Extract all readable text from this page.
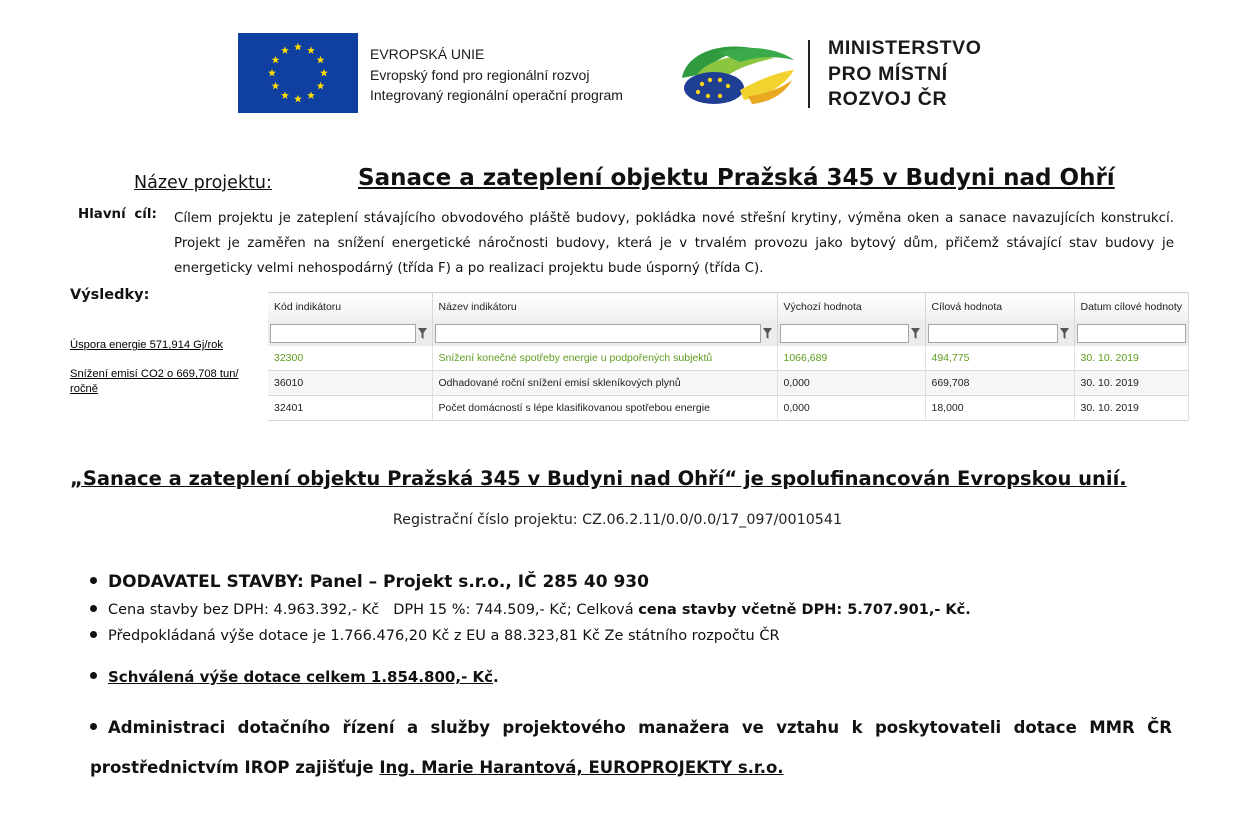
EVROPSKÁ UNIE
Evropský fond pro regionální rozvoj
Integrovaný regionální operační program
MINISTERSTVO
PRO MÍSTNÍ
ROZVOJ ČR
Název projektu:	Sanace a zateplení objektu Pražská 345 v Budyni nad Ohří
Hlavní cíl: Cílem projektu je zateplení stávajícího obvodového pláště budovy, pokládka nové střešní krytiny, výměna oken a sanace navazujících konstrukcí. Projekt je zaměřen na snížení energetické náročnosti budovy, která je v trvalém provozu jako bytový dům, přičemž stávající stav budovy je energeticky velmi nehospodárný (třída F) a po realizaci projektu bude úsporný (třída C).
Výsledky:
Úspora energie 571,914 Gj/rok
Snížení emisí CO2 o 669,708 tun/ ročně
Kód indikátoru	Název indikátoru	Výchozí hodnota	Cílová hodnota	Datum cílové hodnoty

32300	Snížení konečné spotřeby energie u podpořených subjektů	1066,689	494,775	30. 10. 2019
36010	Odhadované roční snížení emisí skleníkových plynů	0,000	669,708	30. 10. 2019
32401	Počet domácností s lépe klasifikovanou spotřebou energie	0,000	18,000	30. 10. 2019
„Sanace a zateplení objektu Pražská 345 v Budyni nad Ohří“ je spolufinancován Evropskou unií.
Registrační číslo projektu: CZ.06.2.11/0.0/0.0/17_097/0010541
DODAVATEL STAVBY: Panel – Projekt s.r.o., IČ 285 40 930
Cena stavby bez DPH: 4.963.392,- Kč DPH 15 %: 744.509,- Kč; Celková cena stavby včetně DPH: 5.707.901,- Kč.
Předpokládaná výše dotace je 1.766.476,20 Kč z EU a 88.323,81 Kč Ze státního rozpočtu ČR
Schválená výše dotace celkem 1.854.800,- Kč.
Administraci dotačního řízení a služby projektového manažera ve vztahu k poskytovateli dotace MMR ČR prostřednictvím IROP zajišťuje Ing. Marie Harantová, EUROPROJEKTY s.r.o.
